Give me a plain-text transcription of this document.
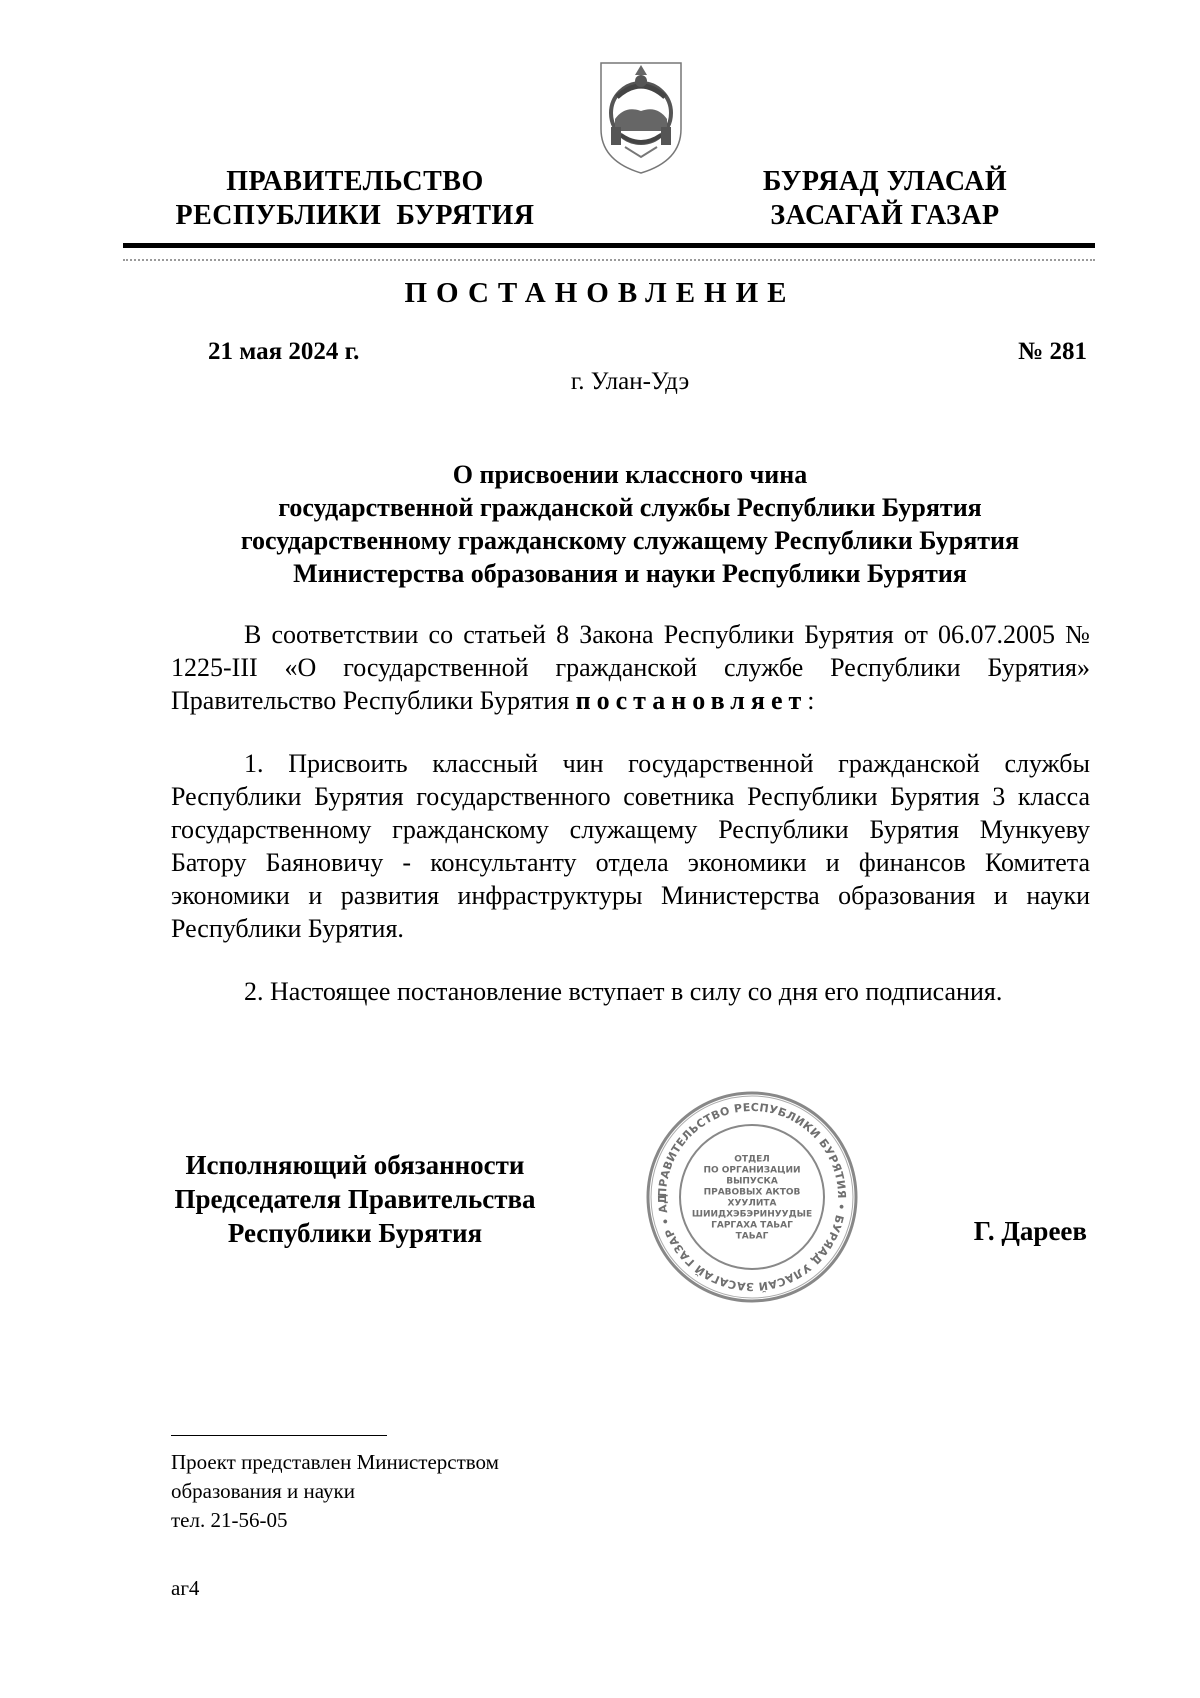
ПРАВИТЕЛЬСТВО
РЕСПУБЛИКИ  БУРЯТИЯ
БУРЯАД УЛАСАЙ
ЗАСАГАЙ ГАЗАР
ПОСТАНОВЛЕНИЕ
21 мая 2024 г.	№ 281
г. Улан-Удэ
О присвоении классного чина
государственной гражданской службы Республики Бурятия
государственному гражданскому служащему Республики Бурятия
Министерства образования и науки Республики Бурятия
В соответствии со статьей 8 Закона Республики Бурятия от 06.07.2005 № 1225-III «О государственной гражданской службе Республики Бурятия» Правительство Республики Бурятия постановляет:
1. Присвоить классный чин государственной гражданской службы Республики Бурятия государственного советника Республики Бурятия 3 класса государственному гражданскому служащему Республики Бурятия Мункуеву Батору Баяновичу - консультанту отдела экономики и финансов Комитета экономики и развития инфраструктуры Министерства образования и науки Республики Бурятия.
2. Настоящее постановление вступает в силу со дня его подписания.
Исполняющий обязанности
Председателя Правительства
Республики Бурятия
ПРАВИТЕЛЬСТВО РЕСПУБЛИКИ БУРЯТИЯ • БУРЯАД УЛАСАЙ ЗАСАГАЙ ГАЗАР • АД
ОТДЕЛ
ПО ОРГАНИЗАЦИИ
ВЫПУСКА
ПРАВОВЫХ АКТОВ
ХУУЛИТА
ШИИДХЭБЭРИНУУДЫЕ
ГАРГАХА ТАЬАГ
ТАЬАГ	Г. Дареев
Проект представлен Министерством
образования и науки
тел. 21-56-05
аг4
